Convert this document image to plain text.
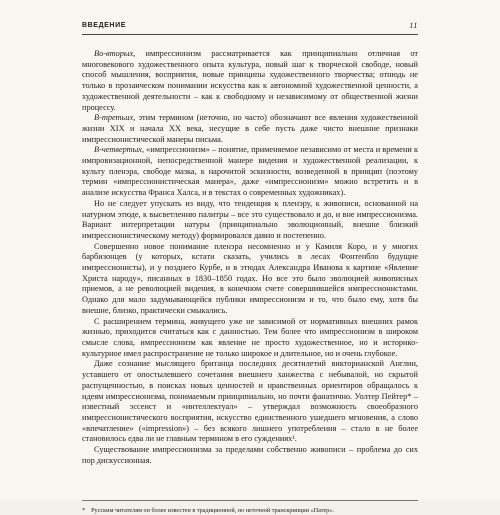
ВВЕДЕНИЕ	11

Во-вторых, импрессионизм рассматривается как принципиально отличная от многовекового художественного опыта культура, новый шаг к творческой свободе, новый способ мышления, восприятия, новые принципы художественного творчества; отнюдь не только в прозаическом понимании искусства как к автономной художественной ценности, а художественной деятельности – как к свободному и независимому от общественной жизни процессу.

В-третьих, этим термином (неточно, но часто) обозначают все явления художественной жизни XIX и начала XX века, несущие в себе пусть даже чисто внешние признаки импрессионистической манеры письма.

В-четвертых, «импрессионизм» – понятие, применяемое независимо от места и времени к импровизационной, непосредственной манере видения и художественной реализации, к культу пленэра, свободе мазка, к нарочитой эскизности, возведенной в принцип (поэтому термин «импрессионистическая манера», даже «импрессионизм» можно встретить и в анализе искусства Франса Халса, и в текстах о современных художниках).

Но не следует упускать из виду, что тенденция к пленэру, к живописи, основанной на натурном этюде, к высветлению палитры – все это существовало и до, и вне импрессионизма. Вариант интерпретации натуры (принципиально эволюционный, внешне близкий импрессионистическому методу) формировался давно и постепенно.

Совершенно новое понимание пленэра несомненно и у Камиля Коро, и у многих барбизонцев (у которых, кстати сказать, учились в лесах Фонтенбло будущие импрессионисты), и у позднего Курбе, и в этюдах Александра Иванова к картине «Явление Христа народу», писанных в 1830–1850 годах. Но все это было эволюцией живописных приемов, а не революцией видения, в конечном счете совершившейся импрессионистами. Однако для мало задумывающейся публики импрессионизм и то, что было ему, хотя бы внешне, близко, практически смыкались.

С расширением термина, живущего уже не зависимой от нормативных внешних рамок жизнью, приходится считаться как с данностью. Тем более что импрессионизм в широком смысле слова, импрессионизм как явление не просто художественное, но и историко-культурное имел распространение не только широкое и длительное, но и очень глубокое.

Даже сознание мыслящего британца последних десятилетий викторианской Англии, уставшего от опостылевшего сочетания внешнего ханжества с небывалой, но скрытой распущенностью, в поисках новых ценностей и нравственных ориентиров обращалось к идеям импрессионизма, понимаемым принципиально, но почти фанатично. Уолтер Пейтер* – известный эссеист и «интеллектуал» – утверждал возможность своеобразного импрессионистического восприятия, искусство единственного ушедшего мгновения, а слово «впечатление» («impression») – без всякого лишнего употребления – стало в не более становилось едва ли не главным термином в его суждениях¹.

Существование импрессионизма за пределами собственно живописи – проблема до сих пор дискуссионная.

* Русским читателям он более известен в традиционной, но неточной транскрипции «Патер».
